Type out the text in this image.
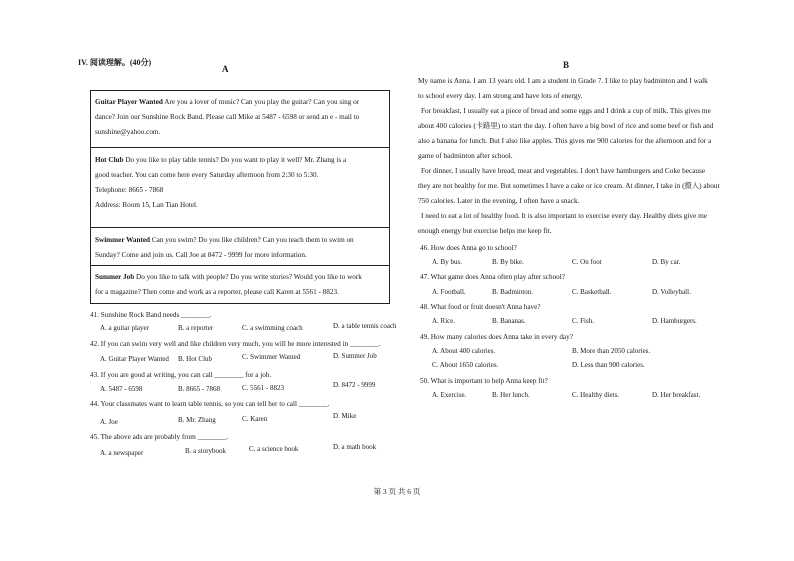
IV. 阅读理解。(40分)
A	B
Guitar Player Wanted Are you a lover of music? Can you play the guitar? Can you sing or
dance? Join our Sunshine Rock Band. Please call Mike at 5487 - 6598 or send an e - mail to
sunshine@yahoo.com.
Hot Club Do you like to play table tennis? Do you want to play it well? Mr. Zhang is a
good teacher. You can come here every Saturday afternoon from 2:30 to 5:30.
Telephone: 8665 - 7868
Address: Room 15, Lan Tian Hotel.
Swimmer Wanted Can you swim? Do you like children? Can you teach them to swim on
Sunday? Come and join us. Call Joe at 8472 - 9999 for more information.
Summer Job Do you like to talk with people? Do you write stories? Would you like to work
for a magazine? Then come and work as a reporter, please call Karen at 5561 - 8823.
41. Sunshine Rock Band needs ________.
A. a guitar player	B. a reporter	C. a swimming coach	D. a table tennis coach
42. If you can swim very well and like children very much, you will be more interested in ________.
A. Guitar Player Wanted B. Hot Club	C. Swimmer Wanted	D. Summer Job
43. If you are good at writing, you can call ________ for a job.
A. 5487 - 6598	B. 8665 - 7868	C. 5561 - 8823	D. 8472 - 9999
44. Your classmates want to learn table tennis, so you can tell her to call ________.
A. Joe	B. Mr. Zhang	C. Karen	D. Mike
45. The above ads are probably from ________.
A. a newspaper	B. a storybook	C. a science book	D. a math book
My name is Anna. I am 13 years old. I am a student in Grade 7. I like to play badminton and I walk
to school every day. I am strong and have lots of energy.
For breakfast, I usually eat a piece of bread and some eggs and I drink a cup of milk. This gives me
about 400 calories (卡路里) to start the day. I often have a big bowl of rice and some beef or fish and
also a banana for lunch. But I also like apples. This gives me 900 calories for the afternoon and for a
game of badminton after school.
For dinner, I usually have bread, meat and vegetables. I don't have hamburgers and Coke because
they are not healthy for me. But sometimes I have a cake or ice cream. At dinner, I take in (摄入) about
750 calories. Later in the evening, I often have a snack.
I need to eat a lot of healthy food. It is also important to exercise every day. Healthy diets give me
enough energy but exercise helps me keep fit.
46. How does Anna go to school?
A. By bus.	B. By bike.	C. On foot	D. By car.
47. What game does Anna often play after school?
A. Football.	B. Badminton.	C. Basketball.	D. Volleyball.
48. What food or fruit doesn't Anna have?
A. Rice.	B. Bananas.	C. Fish.	D. Hamburgers.
49. How many calories does Anna take in every day?
A. About 400 calories.	B. More than 2050 calories.
C. About 1650 calories.	D. Less than 900 calories.
50. What is important to help Anna keep fit?
A. Exercise.	B. Her lunch.	C. Healthy diets.	D. Her breakfast.
第 3 页 共 6 页
